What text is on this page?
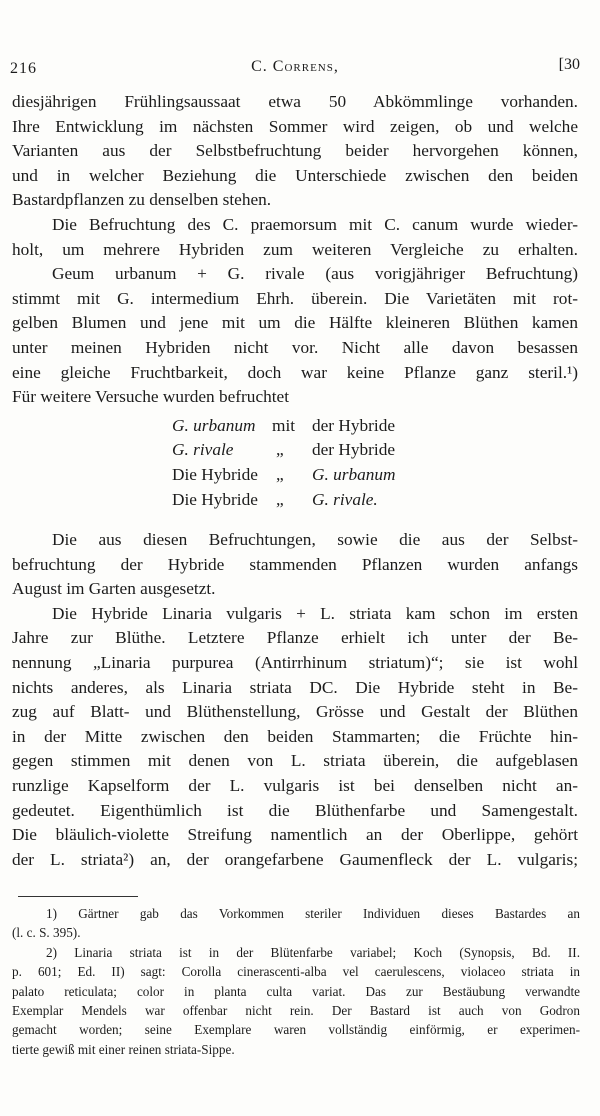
216	C. Correns,	[30

diesjährigen Frühlingsaussaat etwa 50 Abkömmlinge vorhanden.

Ihre Entwicklung im nächsten Sommer wird zeigen, ob und welche

Varianten aus der Selbstbefruchtung beider hervorgehen können,

und in welcher Beziehung die Unterschiede zwischen den beiden

Bastardpflanzen zu denselben stehen.

Die Befruchtung des C. praemorsum mit C. canum wurde wieder-

holt, um mehrere Hybriden zum weiteren Vergleiche zu erhalten.

Geum urbanum + G. rivale (aus vorigjähriger Befruchtung)

stimmt mit G. intermedium Ehrh. überein. Die Varietäten mit rot-

gelben Blumen und jene mit um die Hälfte kleineren Blüthen kamen

unter meinen Hybriden nicht vor. Nicht alle davon besassen

eine gleiche Fruchtbarkeit, doch war keine Pflanze ganz steril.¹)

Für weitere Versuche wurden befruchtet

G. urbanum mit der Hybride
G. rivale „ der Hybride
Die Hybride „ G. urbanum
Die Hybride „ G. rivale.

Die aus diesen Befruchtungen, sowie die aus der Selbst-

befruchtung der Hybride stammenden Pflanzen wurden anfangs

August im Garten ausgesetzt.

Die Hybride Linaria vulgaris + L. striata kam schon im ersten

Jahre zur Blüthe. Letztere Pflanze erhielt ich unter der Be-

nennung „Linaria purpurea (Antirrhinum striatum)“; sie ist wohl

nichts anderes, als Linaria striata DC. Die Hybride steht in Be-

zug auf Blatt- und Blüthenstellung, Grösse und Gestalt der Blüthen

in der Mitte zwischen den beiden Stammarten; die Früchte hin-

gegen stimmen mit denen von L. striata überein, die aufgeblasen

runzlige Kapselform der L. vulgaris ist bei denselben nicht an-

gedeutet. Eigenthümlich ist die Blüthenfarbe und Samengestalt.

Die bläulich-violette Streifung namentlich an der Oberlippe, gehört

der L. striata²) an, der orangefarbene Gaumenfleck der L. vulgaris;

1) Gärtner gab das Vorkommen steriler Individuen dieses Bastardes an

(l. c. S. 395).

2) Linaria striata ist in der Blütenfarbe variabel; Koch (Synopsis, Bd. II.

p. 601; Ed. II) sagt: Corolla cinerascenti-alba vel caerulescens, violaceo striata in

palato reticulata; color in planta culta variat. Das zur Bestäubung verwandte

Exemplar Mendels war offenbar nicht rein. Der Bastard ist auch von Godron

gemacht worden; seine Exemplare waren vollständig einförmig, er experimen-

tierte gewiß mit einer reinen striata-Sippe.
